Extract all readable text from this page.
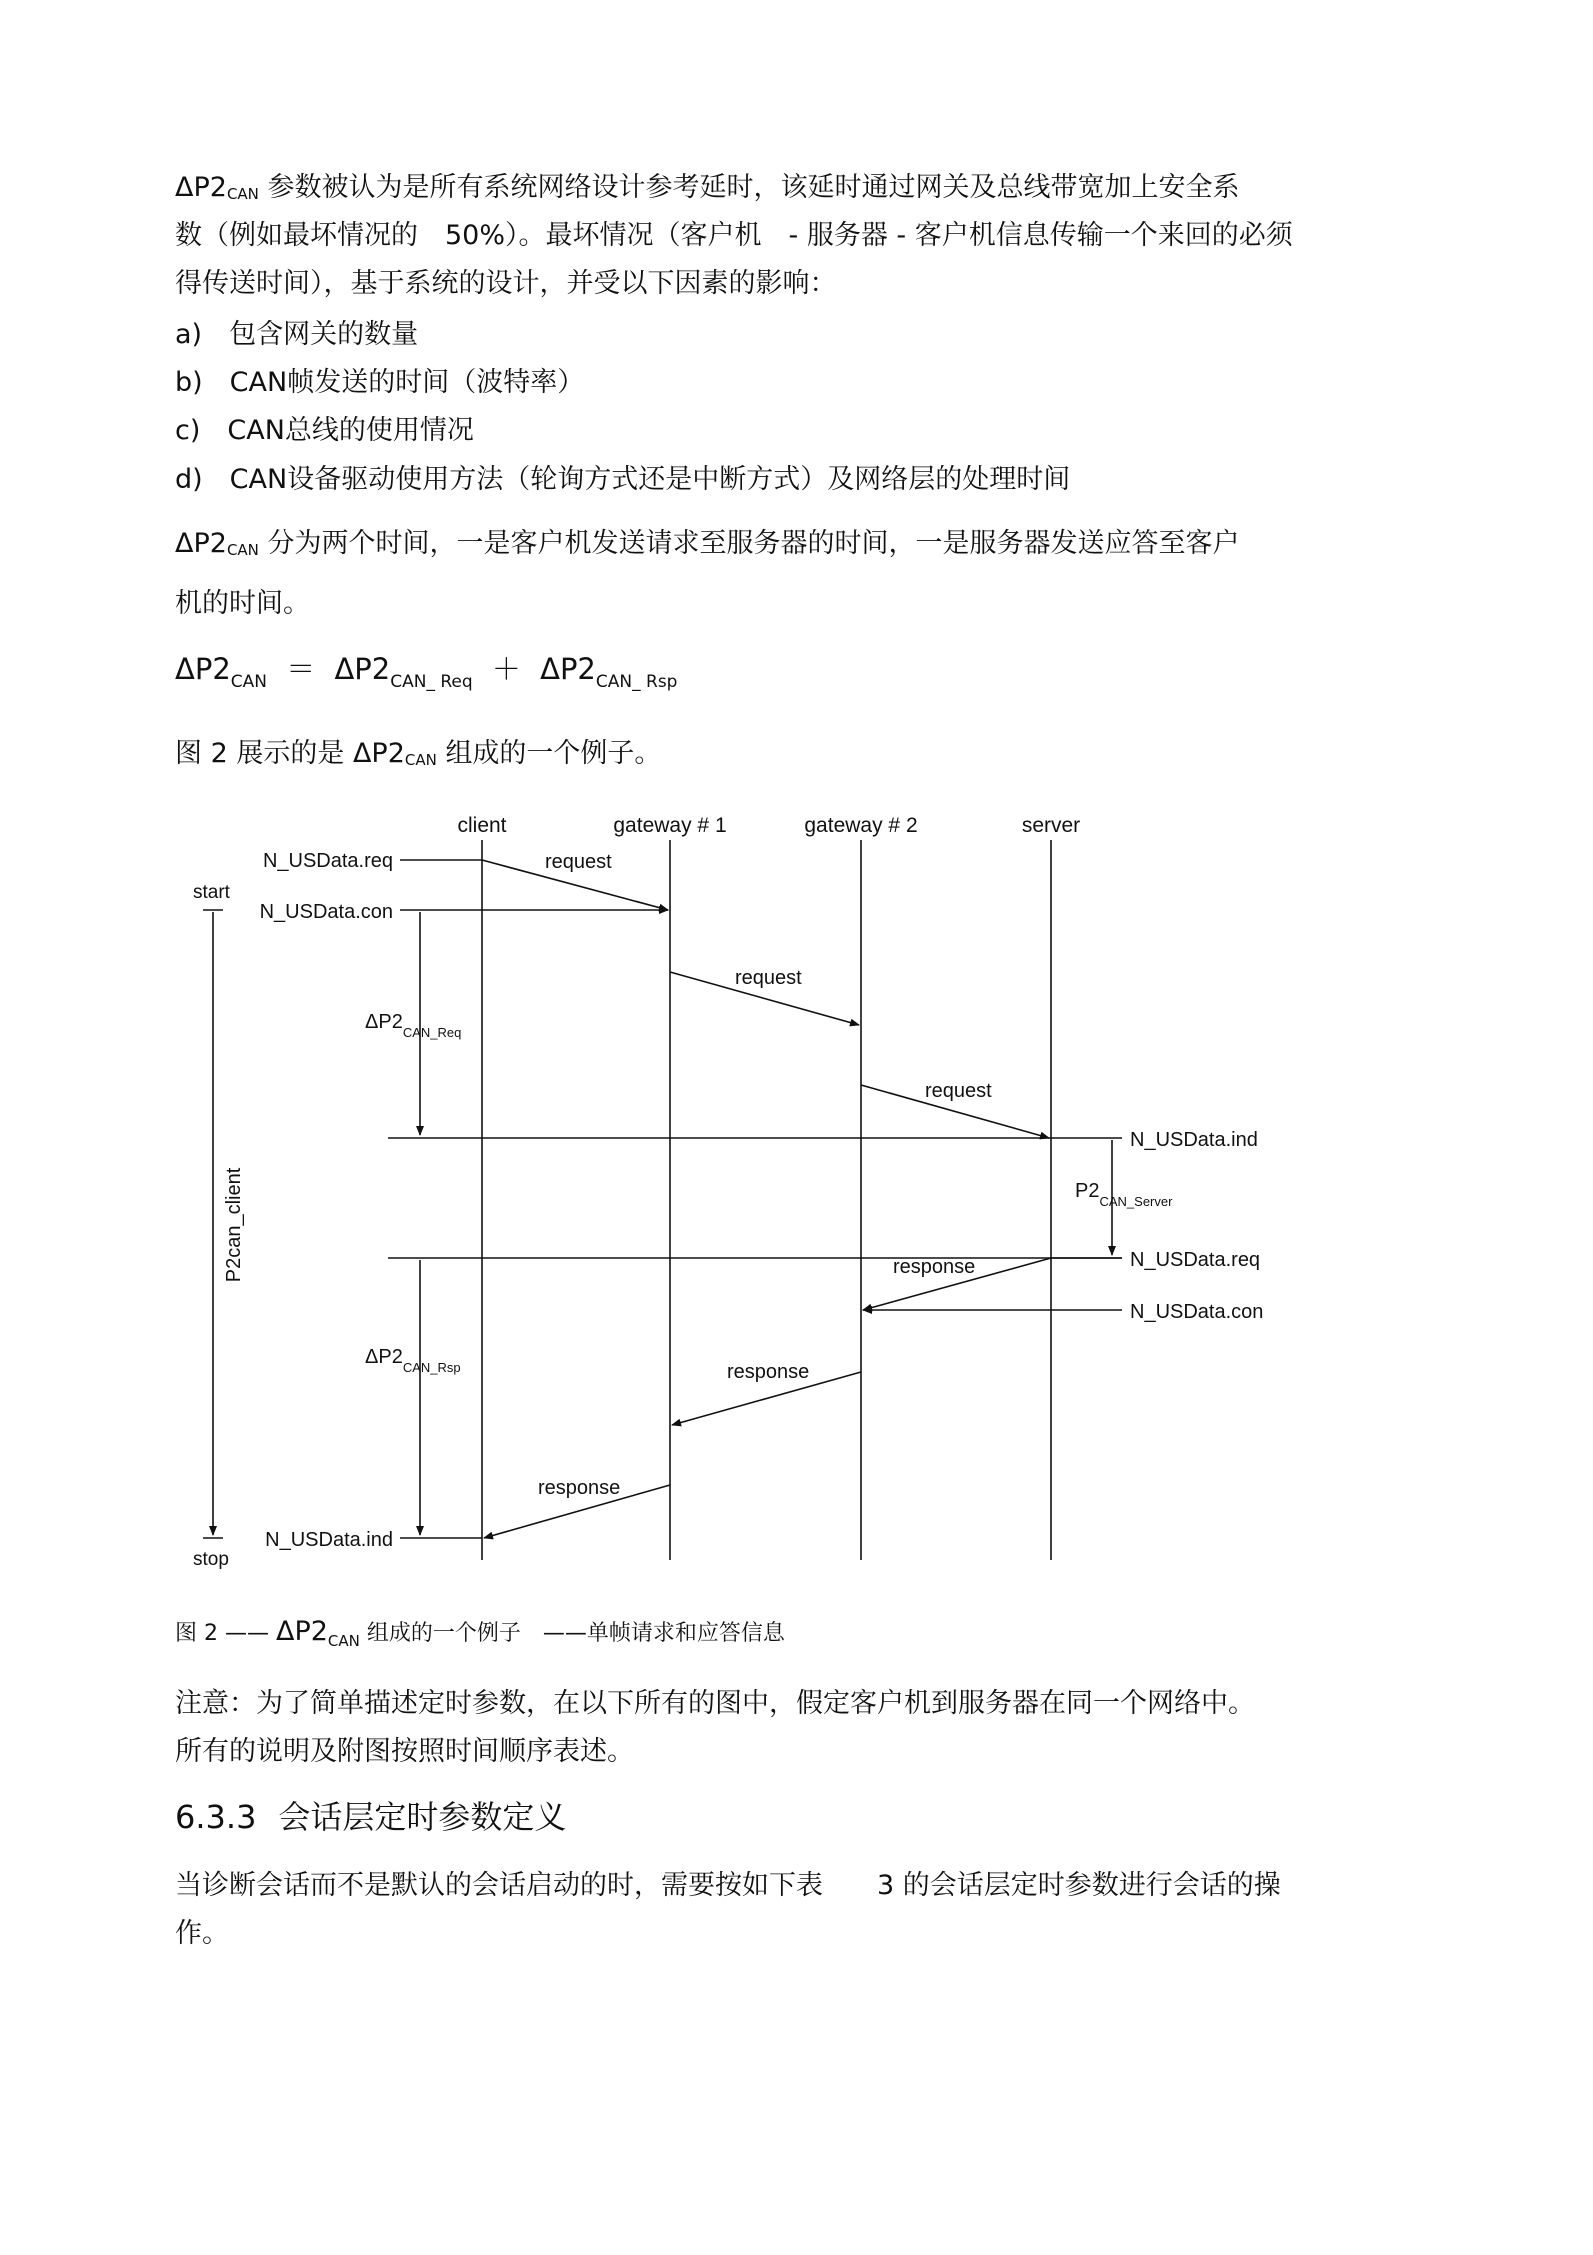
$\Delta P2_{CAN}$ 参数被认为是所有系统网络设计参考延时，该延时通过网关及总线带宽加上安全系
数（例如最坏情况的　50%）。最坏情况（客户机　- 服务器 - 客户机信息传输一个来回的必须
得传送时间），基于系统的设计，并受以下因素的影响：
a)　包含网关的数量
b)　CAN帧发送的时间（波特率）
c)　CAN总线的使用情况
d)　CAN设备驱动使用方法（轮询方式还是中断方式）及网络层的处理时间
$\Delta P2_{CAN}$ 分为两个时间，一是客户机发送请求至服务器的时间，一是服务器发送应答至客户
机的时间。
$\Delta P2_{CAN} = \Delta P2_{CAN\_ Req} + \Delta P2_{CAN\_ Rsp}$
图 2 展示的是 $\Delta P2_{CAN}$ 组成的一个例子。
client	gateway # 1	gateway # 2	server
N_USData.req
start
N_USData.con
N_USData.ind
stop
P2can_client
$\Delta P2_{CAN\_Req}$
$\Delta P2_{CAN\_Rsp}$
request
request
request
response
response
response
N_USData.ind
$P2_{CAN\_Server}$
N_USData.req
N_USData.con
图 2 —— $\Delta P2_{CAN}$ 组成的一个例子　——单帧请求和应答信息
注意：为了简单描述定时参数，在以下所有的图中，假定客户机到服务器在同一个网络中。
所有的说明及附图按照时间顺序表述。
6.3.3 会话层定时参数定义
当诊断会话而不是默认的会话启动的时，需要按如下表　　3 的会话层定时参数进行会话的操
作。
